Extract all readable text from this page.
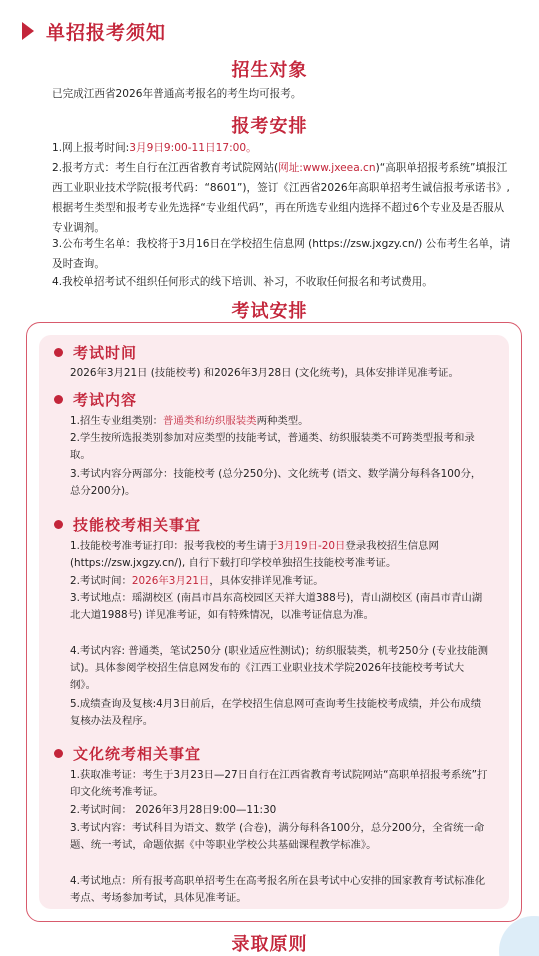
单招报考须知
招生对象
已完成江西省2026年普通高考报名的考生均可报考。
报考安排
1.网上报考时间:3月9日9:00-11日17:00。
2.报考方式：考生自行在江西省教育考试院网站(网址:www.jxeea.cn)“高职单招报考系统”填报江西工业职业技术学院(报考代码：“8601”)，签订《江西省2026年高职单招考生诚信报考承诺书》,根据考生类型和报考专业先选择“专业组代码”，再在所选专业组内选择不超过6个专业及是否服从专业调剂。
3.公布考生名单：我校将于3月16日在学校招生信息网 (https://zsw.jxgzy.cn/) 公布考生名单，请及时查询。
4.我校单招考试不组织任何形式的线下培训、补习，不收取任何报名和考试费用。
考试安排
考试时间
2026年3月21日 (技能校考) 和2026年3月28日 (文化统考)，具体安排详见准考证。
考试内容
1.招生专业组类别：普通类和纺织服装类两种类型。
2.学生按所选报类别参加对应类型的技能考试，普通类、纺织服装类不可跨类型报考和录取。
3.考试内容分两部分：技能校考 (总分250分)、文化统考 (语文、数学满分每科各100分，总分200分)。
技能校考相关事宜
1.技能校考准考证打印：报考我校的考生请于3月19日-20日登录我校招生信息网 (https://zsw.jxgzy.cn/), 自行下载打印学校单独招生技能校考准考证。
2.考试时间：2026年3月21日，具体安排详见准考证。
3.考试地点：瑶湖校区 (南昌市昌东高校园区天祥大道388号)，青山湖校区 (南昌市青山湖北大道1988号) 详见准考证，如有特殊情况，以准考证信息为准。
4.考试内容: 普通类，笔试250分 (职业适应性测试)；纺织服装类，机考250分 (专业技能测试)。具体参阅学校招生信息网发布的《江西工业职业技术学院2026年技能校考考试大纲》。
5.成绩查询及复核:4月3日前后，在学校招生信息网可查询考生技能校考成绩，并公布成绩复核办法及程序。
文化统考相关事宜
1.获取准考证：考生于3月23日—27日自行在江西省教育考试院网站“高职单招报考系统”打印文化统考准考证。
2.考试时间： 2026年3月28日9:00—11:30
3.考试内容：考试科目为语文、数学 (合卷)，满分每科各100分，总分200分，全省统一命题、统一考试，命题依据《中等职业学校公共基础课程教学标准》。
4.考试地点：所有报考高职单招考生在高考报名所在县考试中心安排的国家教育考试标准化考点、考场参加考试，具体见准考证。
录取原则
